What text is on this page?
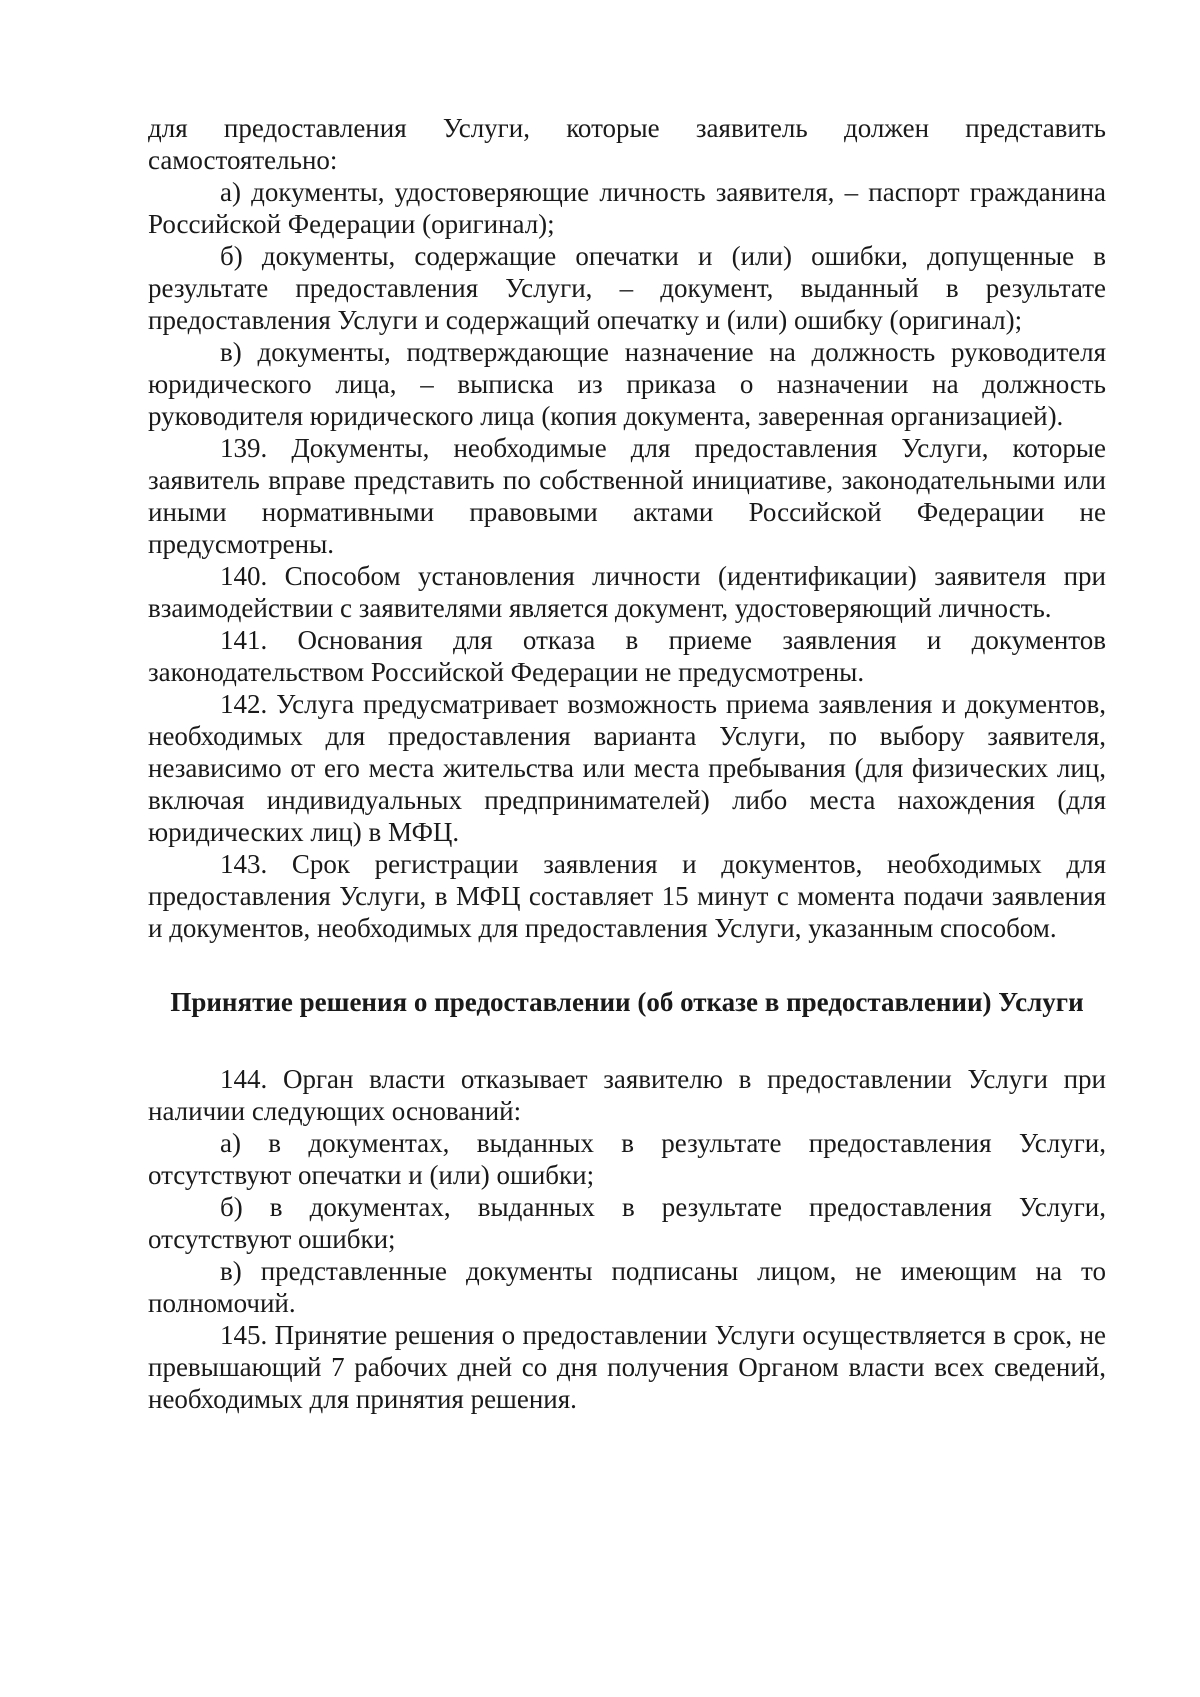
для предоставления Услуги, которые заявитель должен представить самостоятельно:

а) документы, удостоверяющие личность заявителя, – паспорт гражданина Российской Федерации (оригинал);

б) документы, содержащие опечатки и (или) ошибки, допущенные в результате предоставления Услуги, – документ, выданный в результате предоставления Услуги и содержащий опечатку и (или) ошибку (оригинал);

в) документы, подтверждающие назначение на должность руководителя юридического лица, – выписка из приказа о назначении на должность руководителя юридического лица (копия документа, заверенная организацией).

139. Документы, необходимые для предоставления Услуги, которые заявитель вправе представить по собственной инициативе, законодательными или иными нормативными правовыми актами Российской Федерации не предусмотрены.

140. Способом установления личности (идентификации) заявителя при взаимодействии с заявителями является документ, удостоверяющий личность.

141. Основания для отказа в приеме заявления и документов законодательством Российской Федерации не предусмотрены.

142. Услуга предусматривает возможность приема заявления и документов, необходимых для предоставления варианта Услуги, по выбору заявителя, независимо от его места жительства или места пребывания (для физических лиц, включая индивидуальных предпринимателей) либо места нахождения (для юридических лиц) в МФЦ.

143. Срок регистрации заявления и документов, необходимых для предоставления Услуги, в МФЦ составляет 15 минут с момента подачи заявления и документов, необходимых для предоставления Услуги, указанным способом.

Принятие решения о предоставлении (об отказе в предоставлении) Услуги

144. Орган власти отказывает заявителю в предоставлении Услуги при наличии следующих оснований:

а) в документах, выданных в результате предоставления Услуги, отсутствуют опечатки и (или) ошибки;

б) в документах, выданных в результате предоставления Услуги, отсутствуют ошибки;

в) представленные документы подписаны лицом, не имеющим на то полномочий.

145. Принятие решения о предоставлении Услуги осуществляется в срок, не превышающий 7 рабочих дней со дня получения Органом власти всех сведений, необходимых для принятия решения.
